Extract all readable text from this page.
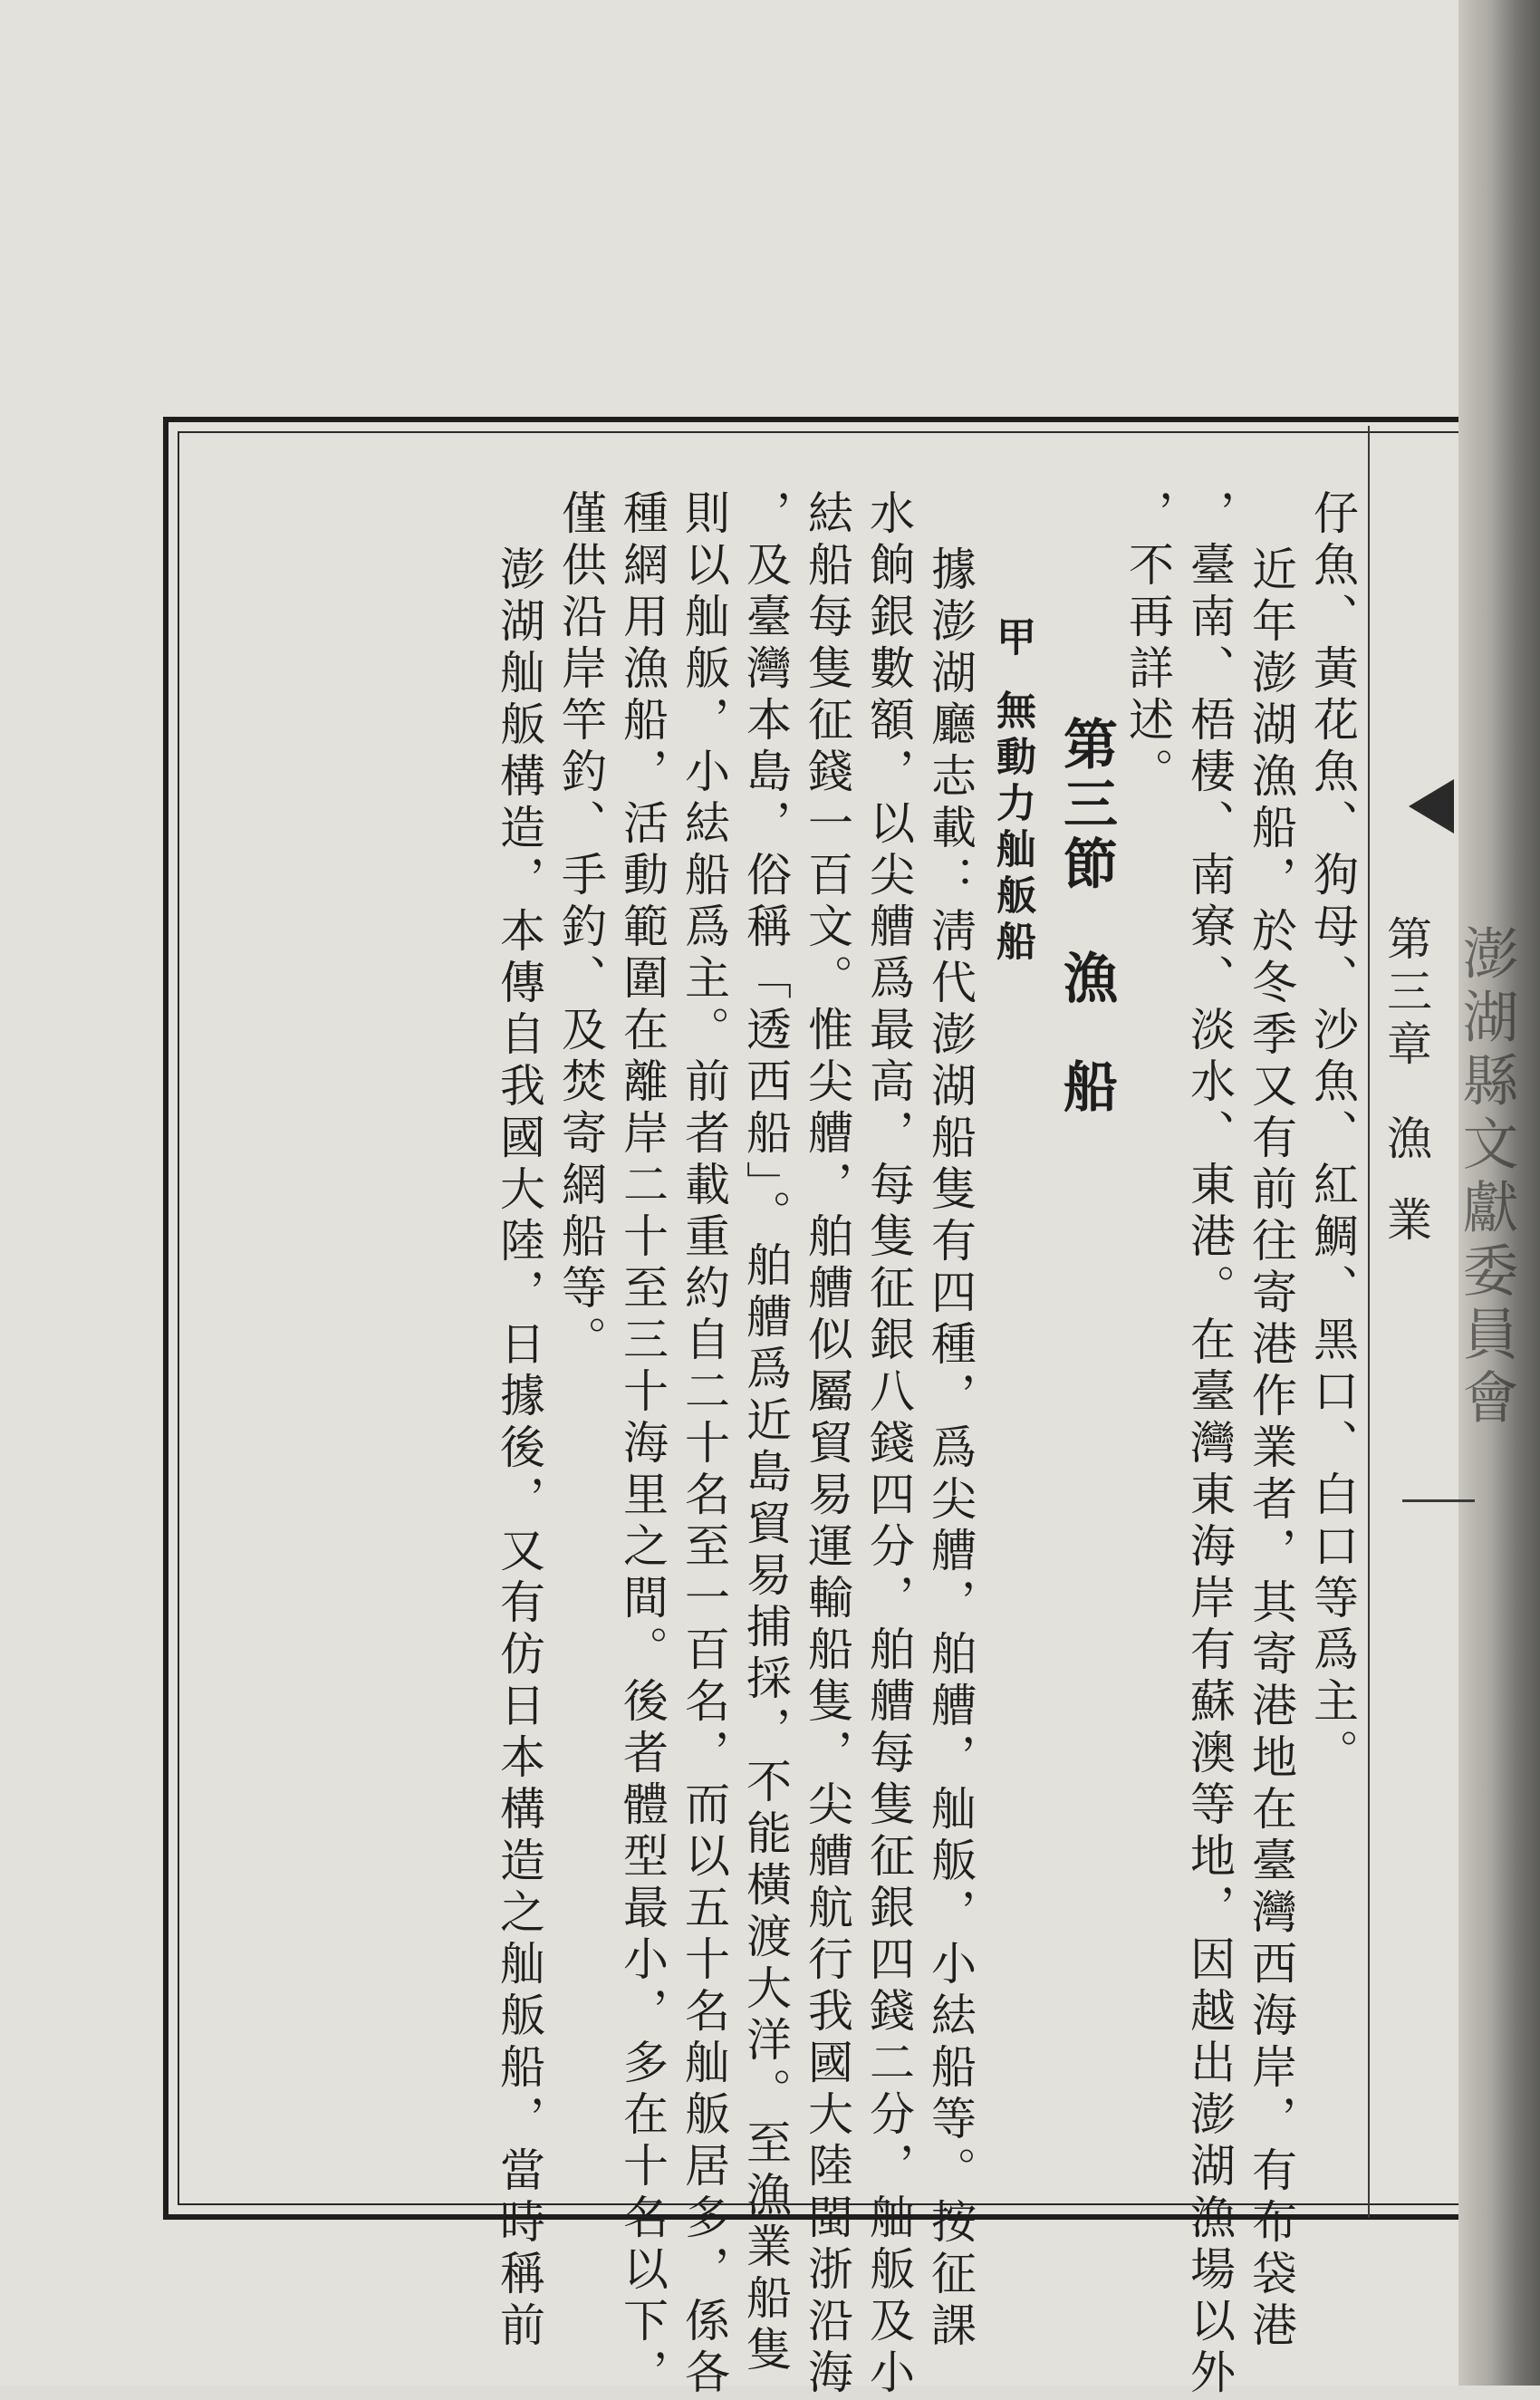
第三章
漁業
仔魚、黃花魚、狗母、沙魚、紅鯛、黑口、白口等爲主。
近年澎湖漁船，於冬季又有前往寄港作業者，其寄港地在臺灣西海岸，有布袋港
，臺南、梧棲、南寮、淡水、東港。在臺灣東海岸有蘇澳等地，因越出澎湖漁場以外
，不再詳述。
第三節漁船
甲無動力舢舨船
據澎湖廳志載：淸代澎湖船隻有四種，爲尖艚，舶艚，舢舨，小紶船等。按征課
水餉銀數額，以尖艚爲最高，每隻征銀八錢四分，舶艚每隻征銀四錢二分，舢舨及小
紶船每隻征錢一百文。惟尖艚，舶艚似屬貿易運輸船隻，尖艚航行我國大陸閩浙沿海
，及臺灣本島，俗稱「透西船」。舶艚爲近島貿易捕採，不能橫渡大洋。至漁業船隻
則以舢舨，小紶船爲主。前者載重約自二十名至一百名，而以五十名舢舨居多，係各
種網用漁船，活動範圍在離岸二十至三十海里之間。後者體型最小，多在十名以下，
僅供沿岸竿釣、手釣、及焚寄網船等。
澎湖舢舨構造，本傳自我國大陸，日據後，又有仿日本構造之舢舨船，當時稱前
